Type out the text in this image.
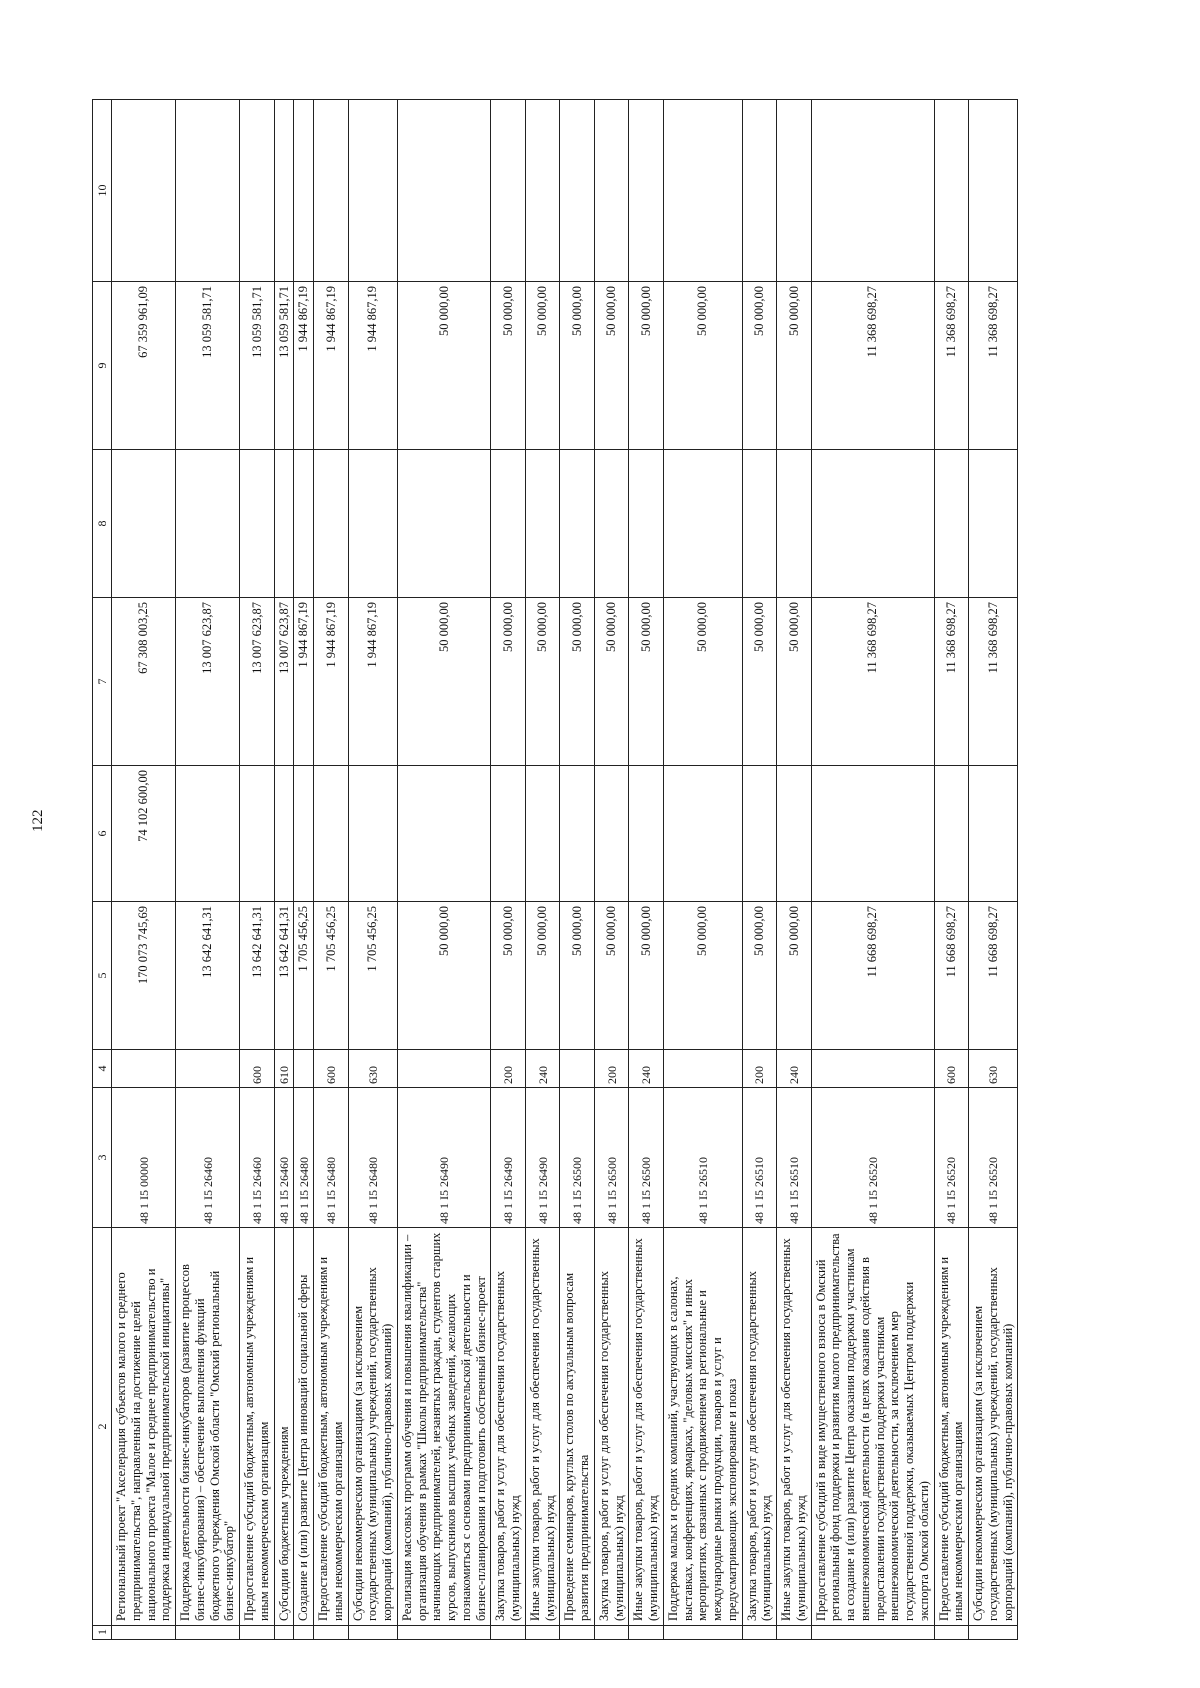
122
1	2	3	4	5	6	7	8	9	10
	Региональный проект "Акселерация субъектов малого и среднего предпринимательства", направленный на достижение целей национального проекта "Малое и среднее предпринимательство и поддержка индивидуальной предпринимательской инициативы"	48 1 I5 00000		170 073 745,69	74 102 600,00	67 308 003,25		67 359 961,09	
	Поддержка деятельности бизнес-инкубаторов (развитие процессов бизнес-инкубирования) – обеспечение выполнения функций бюджетного учреждения Омской области "Омский региональный бизнес-инкубатор"	48 1 I5 26460		13 642 641,31		13 007 623,87		13 059 581,71	
	Предоставление субсидий бюджетным, автономным учреждениям и иным некоммерческим организациям	48 1 I5 26460	600	13 642 641,31		13 007 623,87		13 059 581,71	
	Субсидии бюджетным учреждениям	48 1 I5 26460	610	13 642 641,31		13 007 623,87		13 059 581,71	
	Создание и (или) развитие Центра инноваций социальной сферы	48 1 I5 26480		1 705 456,25		1 944 867,19		1 944 867,19	
	Предоставление субсидий бюджетным, автономным учреждениям и иным некоммерческим организациям	48 1 I5 26480	600	1 705 456,25		1 944 867,19		1 944 867,19	
	Субсидии некоммерческим организациям (за исключением государственных (муниципальных) учреждений, государственных корпораций (компаний), публично-правовых компаний)	48 1 I5 26480	630	1 705 456,25		1 944 867,19		1 944 867,19	
	Реализация массовых программ обучения и повышения квалификации – организация обучения в рамках "Школы предпринимательства" начинающих предпринимателей, незанятых граждан, студентов старших курсов, выпускников высших учебных заведений, желающих познакомиться с основами предпринимательской деятельности и бизнес-планирования и подготовить собственный бизнес-проект	48 1 I5 26490		50 000,00		50 000,00		50 000,00	
	Закупка товаров, работ и услуг для обеспечения государственных (муниципальных) нужд	48 1 I5 26490	200	50 000,00		50 000,00		50 000,00	
	Иные закупки товаров, работ и услуг для обеспечения государственных (муниципальных) нужд	48 1 I5 26490	240	50 000,00		50 000,00		50 000,00	
	Проведение семинаров, круглых столов по актуальным вопросам развития предпринимательства	48 1 I5 26500		50 000,00		50 000,00		50 000,00	
	Закупка товаров, работ и услуг для обеспечения государственных (муниципальных) нужд	48 1 I5 26500	200	50 000,00		50 000,00		50 000,00	
	Иные закупки товаров, работ и услуг для обеспечения государственных (муниципальных) нужд	48 1 I5 26500	240	50 000,00		50 000,00		50 000,00	
	Поддержка малых и средних компаний, участвующих в салонах, выставках, конференциях, ярмарках, "деловых миссиях" и иных мероприятиях, связанных с продвижением на региональные и международные рынки продукции, товаров и услуг и предусматривающих экспонирование и показ	48 1 I5 26510		50 000,00		50 000,00		50 000,00	
	Закупка товаров, работ и услуг для обеспечения государственных (муниципальных) нужд	48 1 I5 26510	200	50 000,00		50 000,00		50 000,00	
	Иные закупки товаров, работ и услуг для обеспечения государственных (муниципальных) нужд	48 1 I5 26510	240	50 000,00		50 000,00		50 000,00	
	Предоставление субсидий в виде имущественного взноса в Омский региональный фонд поддержки и развития малого предпринимательства на создание и (или) развитие Центра оказания поддержки участникам внешнеэкономической деятельности (в целях оказания содействия в предоставлении государственной поддержки участникам внешнеэкономической деятельности, за исключением мер государственной поддержки, оказываемых Центром поддержки экспорта Омской области)	48 1 I5 26520		11 668 698,27		11 368 698,27		11 368 698,27	
	Предоставление субсидий бюджетным, автономным учреждениям и иным некоммерческим организациям	48 1 I5 26520	600	11 668 698,27		11 368 698,27		11 368 698,27	
	Субсидии некоммерческим организациям (за исключением государственных (муниципальных) учреждений, государственных корпораций (компаний), публично-правовых компаний)	48 1 I5 26520	630	11 668 698,27		11 368 698,27		11 368 698,27	
